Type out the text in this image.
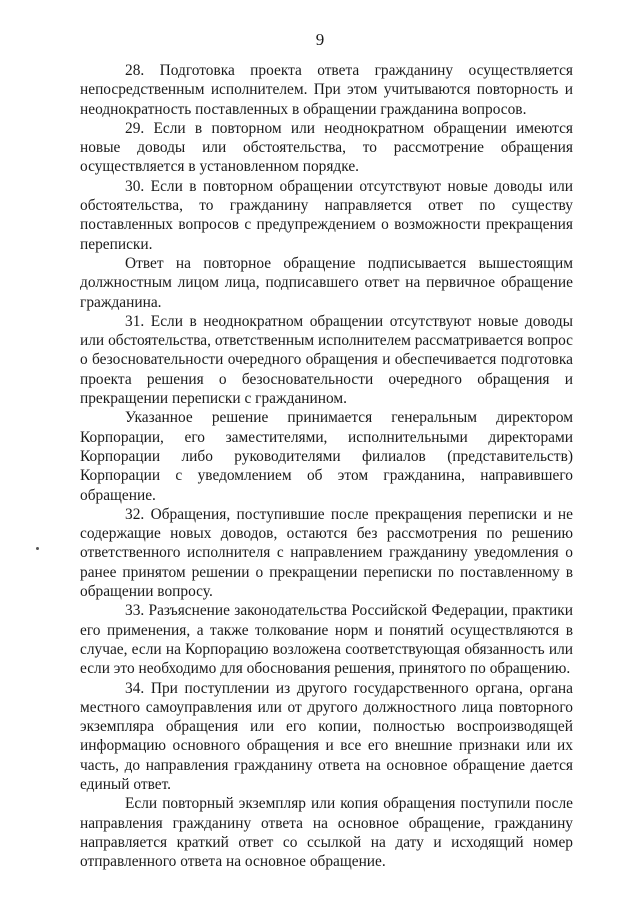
9

28. Подготовка проекта ответа гражданину осуществляется непосредственным исполнителем. При этом учитываются повторность и неоднократность поставленных в обращении гражданина вопросов.

29. Если в повторном или неоднократном обращении имеются новые доводы или обстоятельства, то рассмотрение обращения осуществляется в установленном порядке.

30. Если в повторном обращении отсутствуют новые доводы или обстоятельства, то гражданину направляется ответ по существу поставленных вопросов с предупреждением о возможности прекращения переписки.

Ответ на повторное обращение подписывается вышестоящим должностным лицом лица, подписавшего ответ на первичное обращение гражданина.

31. Если в неоднократном обращении отсутствуют новые доводы или обстоятельства, ответственным исполнителем рассматривается вопрос о безосновательности очередного обращения и обеспечивается подготовка проекта решения о безосновательности очередного обращения и прекращении переписки с гражданином.

Указанное решение принимается генеральным директором Корпорации, его заместителями, исполнительными директорами Корпорации либо руководителями филиалов (представительств) Корпорации с уведомлением об этом гражданина, направившего обращение.

32. Обращения, поступившие после прекращения переписки и не содержащие новых доводов, остаются без рассмотрения по решению ответственного исполнителя с направлением гражданину уведомления о ранее принятом решении о прекращении переписки по поставленному в обращении вопросу.

33. Разъяснение законодательства Российской Федерации, практики его применения, а также толкование норм и понятий осуществляются в случае, если на Корпорацию возложена соответствующая обязанность или если это необходимо для обоснования решения, принятого по обращению.

34. При поступлении из другого государственного органа, органа местного самоуправления или от другого должностного лица повторного экземпляра обращения или его копии, полностью воспроизводящей информацию основного обращения и все его внешние признаки или их часть, до направления гражданину ответа на основное обращение дается единый ответ.

Если повторный экземпляр или копия обращения поступили после направления гражданину ответа на основное обращение, гражданину направляется краткий ответ со ссылкой на дату и исходящий номер отправленного ответа на основное обращение.
